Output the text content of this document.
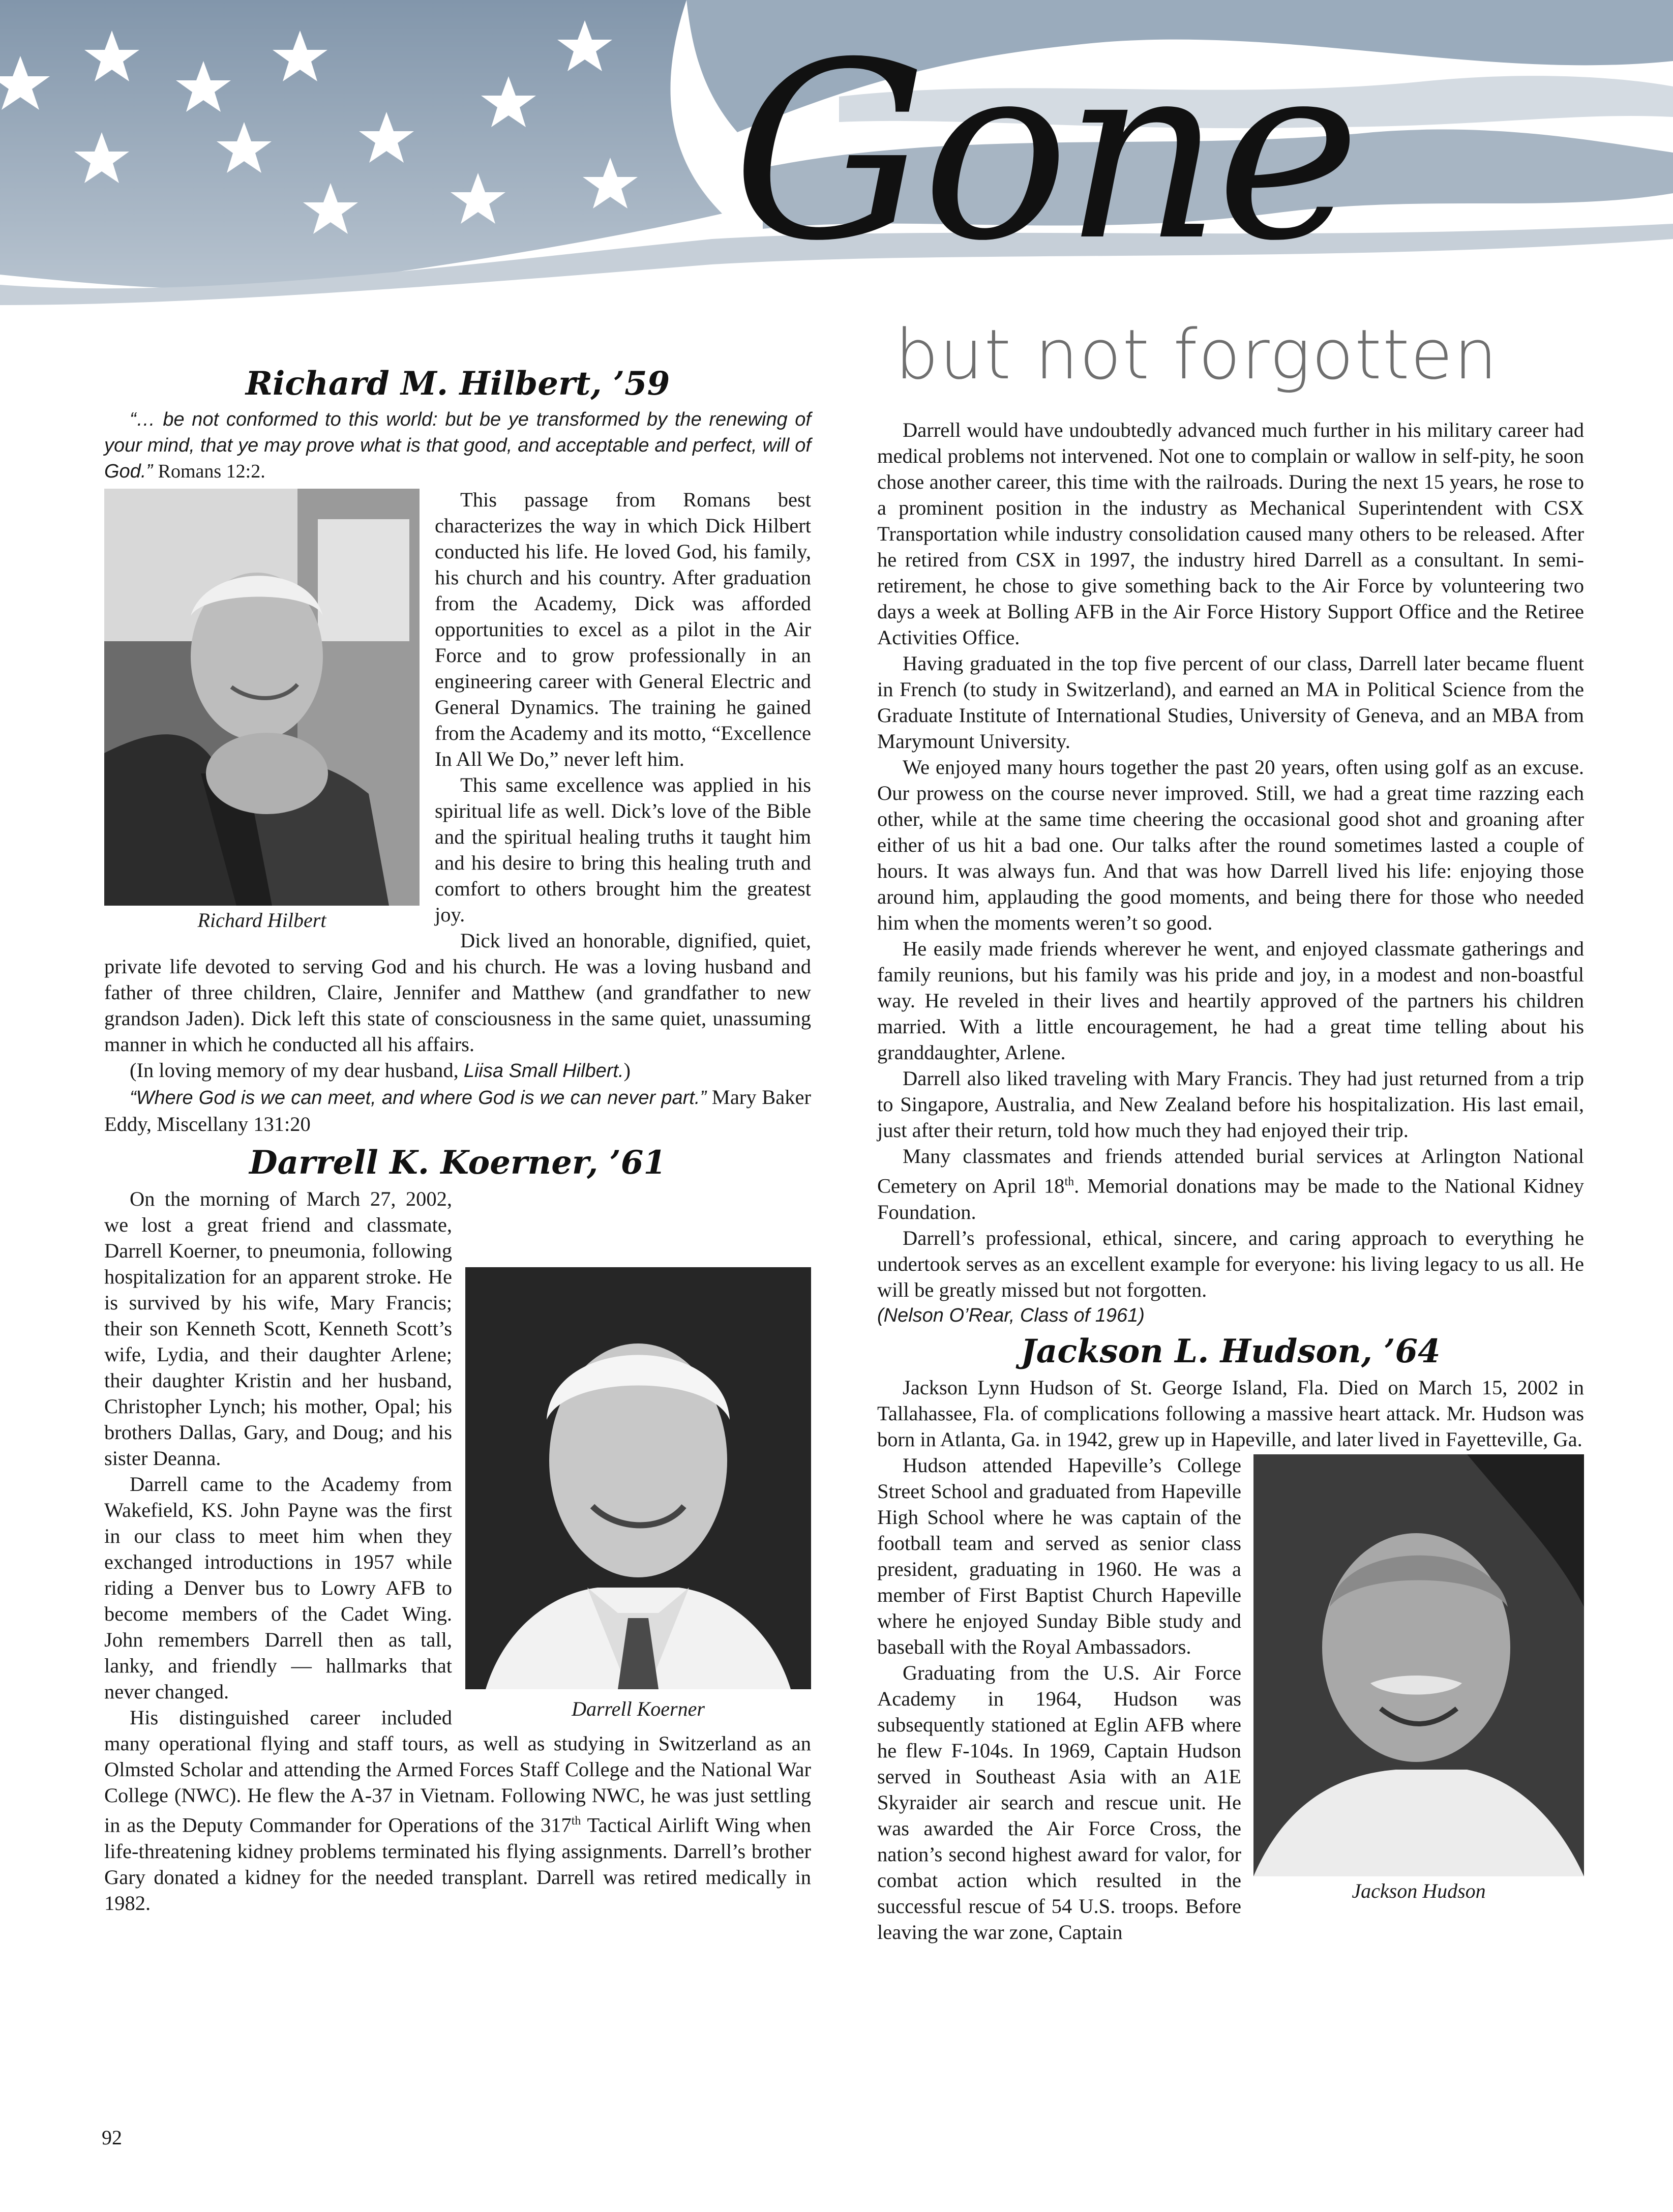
Gone
but not forgotten
Richard M. Hilbert, ’59

“… be not conformed to this world: but be ye transformed by the renewing of your mind, that ye may prove what is that good, and acceptable and perfect, will of God.” Romans 12:2.

Richard Hilbert

This passage from Romans best characterizes the way in which Dick Hilbert conducted his life. He loved God, his family, his church and his country. After graduation from the Academy, Dick was afforded opportunities to excel as a pilot in the Air Force and to grow professionally in an engineering career with General Electric and General Dynamics. The training he gained from the Academy and its motto, “Excellence In All We Do,” never left him.

This same excellence was applied in his spiritual life as well. Dick’s love of the Bible and the spiritual healing truths it taught him and his desire to bring this healing truth and comfort to others brought him the greatest joy.

Dick lived an honorable, dignified, quiet, private life devoted to serving God and his church. He was a loving husband and father of three children, Claire, Jennifer and Matthew (and grandfather to new grandson Jaden). Dick left this state of consciousness in the same quiet, unassuming manner in which he conducted all his affairs.

(In loving memory of my dear husband, Liisa Small Hilbert.)

“Where God is we can meet, and where God is we can never part.” Mary Baker Eddy, Miscellany 131:20

Darrell K. Koerner, ’61
Darrell Koerner

On the morning of March 27, 2002, we lost a great friend and classmate, Darrell Koerner, to pneumonia, following hospitalization for an apparent stroke. He is survived by his wife, Mary Francis; their son Kenneth Scott, Kenneth Scott’s wife, Lydia, and their daughter Arlene; their daughter Kristin and her husband, Christopher Lynch; his mother, Opal; his brothers Dallas, Gary, and Doug; and his sister Deanna.

Darrell came to the Academy from Wakefield, KS. John Payne was the first in our class to meet him when they exchanged introductions in 1957 while riding a Denver bus to Lowry AFB to become members of the Cadet Wing. John remembers Darrell then as tall, lanky, and friendly — hallmarks that never changed.

His distinguished career included many operational flying and staff tours, as well as studying in Switzerland as an Olmsted Scholar and attending the Armed Forces Staff College and the National War College (NWC). He flew the A-37 in Vietnam. Following NWC, he was just settling in as the Deputy Commander for Operations of the 317th Tactical Airlift Wing when life-threatening kidney problems terminated his flying assignments. Darrell’s brother Gary donated a kidney for the needed transplant. Darrell was retired medically in 1982.

Darrell would have undoubtedly advanced much further in his military career had medical problems not intervened. Not one to complain or wallow in self-pity, he soon chose another career, this time with the railroads. During the next 15 years, he rose to a prominent position in the industry as Mechanical Superintendent with CSX Transportation while industry consolidation caused many others to be released. After he retired from CSX in 1997, the industry hired Darrell as a consultant. In semi-retirement, he chose to give something back to the Air Force by volunteering two days a week at Bolling AFB in the Air Force History Support Office and the Retiree Activities Office.

Having graduated in the top five percent of our class, Darrell later became fluent in French (to study in Switzerland), and earned an MA in Political Science from the Graduate Institute of International Studies, University of Geneva, and an MBA from Marymount University.

We enjoyed many hours together the past 20 years, often using golf as an excuse. Our prowess on the course never improved. Still, we had a great time razzing each other, while at the same time cheering the occasional good shot and groaning after either of us hit a bad one. Our talks after the round sometimes lasted a couple of hours. It was always fun. And that was how Darrell lived his life: enjoying those around him, applauding the good moments, and being there for those who needed him when the moments weren’t so good.

He easily made friends wherever he went, and enjoyed classmate gatherings and family reunions, but his family was his pride and joy, in a modest and non-boastful way. He reveled in their lives and heartily approved of the partners his children married. With a little encouragement, he had a great time telling about his granddaughter, Arlene.

Darrell also liked traveling with Mary Francis. They had just returned from a trip to Singapore, Australia, and New Zealand before his hospitalization. His last email, just after their return, told how much they had enjoyed their trip.

Many classmates and friends attended burial services at Arlington National Cemetery on April 18th. Memorial donations may be made to the National Kidney Foundation.

Darrell’s professional, ethical, sincere, and caring approach to everything he undertook serves as an excellent example for everyone: his living legacy to us all. He will be greatly missed but not forgotten.

(Nelson O’Rear, Class of 1961)

Jackson L. Hudson, ’64

Jackson Lynn Hudson of St. George Island, Fla. Died on March 15, 2002 in Tallahassee, Fla. of complications following a massive heart attack. Mr. Hudson was born in Atlanta, Ga. in 1942, grew up in Hapeville, and later lived in Fayetteville, Ga.

Jackson Hudson

Hudson attended Hapeville’s College Street School and graduated from Hapeville High School where he was captain of the football team and served as senior class president, graduating in 1960. He was a member of First Baptist Church Hapeville where he enjoyed Sunday Bible study and baseball with the Royal Ambassadors.

Graduating from the U.S. Air Force Academy in 1964, Hudson was subsequently stationed at Eglin AFB where he flew F-104s. In 1969, Captain Hudson served in Southeast Asia with an A1E Skyraider air search and rescue unit. He was awarded the Air Force Cross, the nation’s second highest award for valor, for combat action which resulted in the successful rescue of 54 U.S. troops. Before leaving the war zone, Captain

92
